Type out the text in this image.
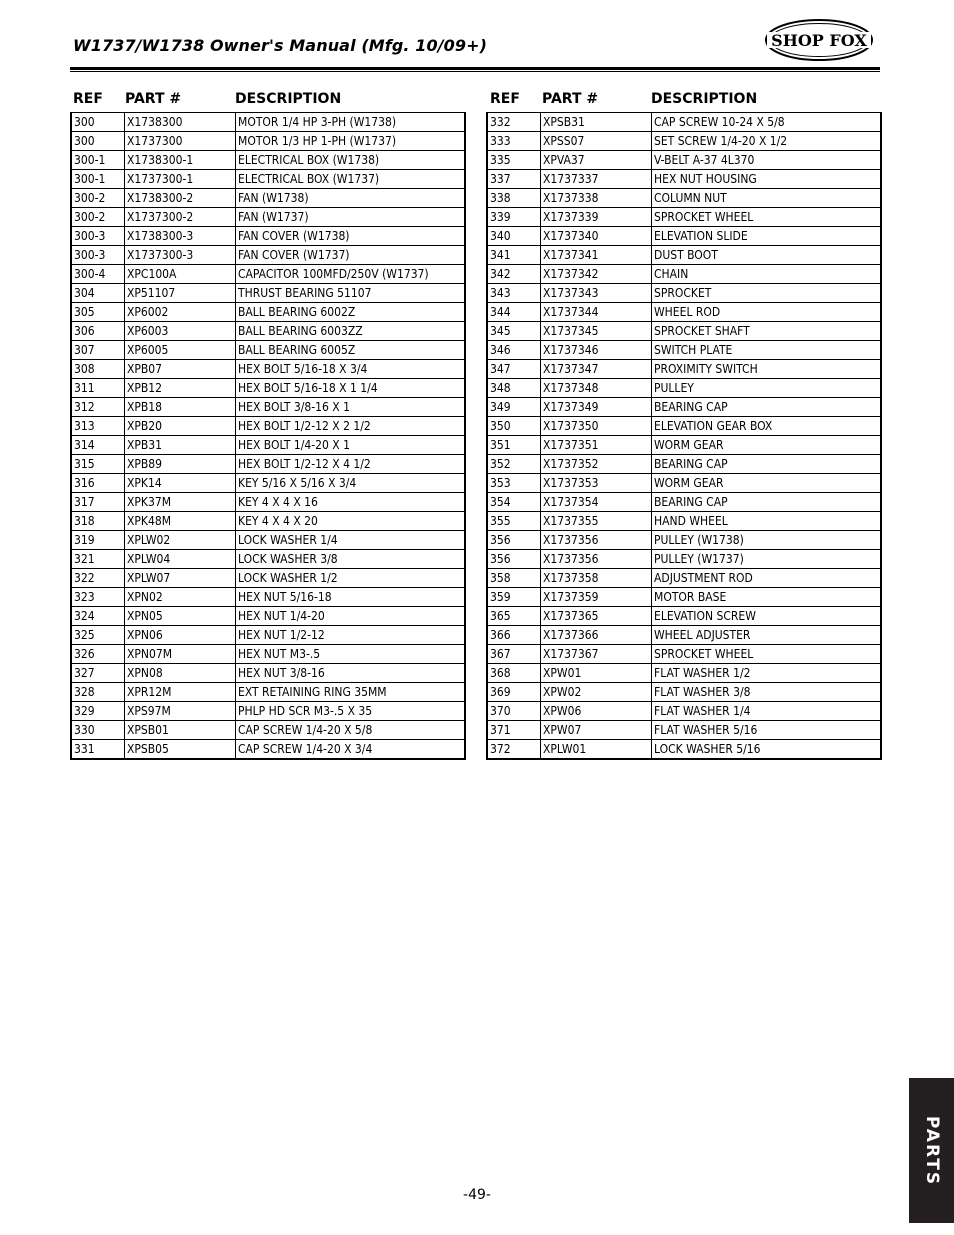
W1737/W1738 Owner's Manual (Mfg. 10/09+)	SHOP FOX
REF PART #	DESCRIPTION	REF PART #	DESCRIPTION
300	X1738300	MOTOR 1/4 HP 3-PH (W1738)
300	X1737300	MOTOR 1/3 HP 1-PH (W1737)
300-1	X1738300-1	ELECTRICAL BOX (W1738)
300-1	X1737300-1	ELECTRICAL BOX (W1737)
300-2	X1738300-2	FAN (W1738)
300-2	X1737300-2	FAN (W1737)
300-3	X1738300-3	FAN COVER (W1738)
300-3	X1737300-3	FAN COVER (W1737)
300-4	XPC100A	CAPACITOR 100MFD/250V (W1737)
304	XP51107	THRUST BEARING 51107
305	XP6002	BALL BEARING 6002Z
306	XP6003	BALL BEARING 6003ZZ
307	XP6005	BALL BEARING 6005Z
308	XPB07	HEX BOLT 5/16-18 X 3/4
311	XPB12	HEX BOLT 5/16-18 X 1 1/4
312	XPB18	HEX BOLT 3/8-16 X 1
313	XPB20	HEX BOLT 1/2-12 X 2 1/2
314	XPB31	HEX BOLT 1/4-20 X 1
315	XPB89	HEX BOLT 1/2-12 X 4 1/2
316	XPK14	KEY 5/16 X 5/16 X 3/4
317	XPK37M	KEY 4 X 4 X 16
318	XPK48M	KEY 4 X 4 X 20
319	XPLW02	LOCK WASHER 1/4
321	XPLW04	LOCK WASHER 3/8
322	XPLW07	LOCK WASHER 1/2
323	XPN02	HEX NUT 5/16-18
324	XPN05	HEX NUT 1/4-20
325	XPN06	HEX NUT 1/2-12
326	XPN07M	HEX NUT M3-.5
327	XPN08	HEX NUT 3/8-16
328	XPR12M	EXT RETAINING RING 35MM
329	XPS97M	PHLP HD SCR M3-.5 X 35
330	XPSB01	CAP SCREW 1/4-20 X 5/8
331	XPSB05	CAP SCREW 1/4-20 X 3/4
332	XPSB31	CAP SCREW 10-24 X 5/8
333	XPSS07	SET SCREW 1/4-20 X 1/2
335	XPVA37	V-BELT A-37 4L370
337	X1737337	HEX NUT HOUSING
338	X1737338	COLUMN NUT
339	X1737339	SPROCKET WHEEL
340	X1737340	ELEVATION SLIDE
341	X1737341	DUST BOOT
342	X1737342	CHAIN
343	X1737343	SPROCKET
344	X1737344	WHEEL ROD
345	X1737345	SPROCKET SHAFT
346	X1737346	SWITCH PLATE
347	X1737347	PROXIMITY SWITCH
348	X1737348	PULLEY
349	X1737349	BEARING CAP
350	X1737350	ELEVATION GEAR BOX
351	X1737351	WORM GEAR
352	X1737352	BEARING CAP
353	X1737353	WORM GEAR
354	X1737354	BEARING CAP
355	X1737355	HAND WHEEL
356	X1737356	PULLEY (W1738)
356	X1737356	PULLEY (W1737)
358	X1737358	ADJUSTMENT ROD
359	X1737359	MOTOR BASE
365	X1737365	ELEVATION SCREW
366	X1737366	WHEEL ADJUSTER
367	X1737367	SPROCKET WHEEL
368	XPW01	FLAT WASHER 1/2
369	XPW02	FLAT WASHER 3/8
370	XPW06	FLAT WASHER 1/4
371	XPW07	FLAT WASHER 5/16
372	XPLW01	LOCK WASHER 5/16
PARTS
-49-
